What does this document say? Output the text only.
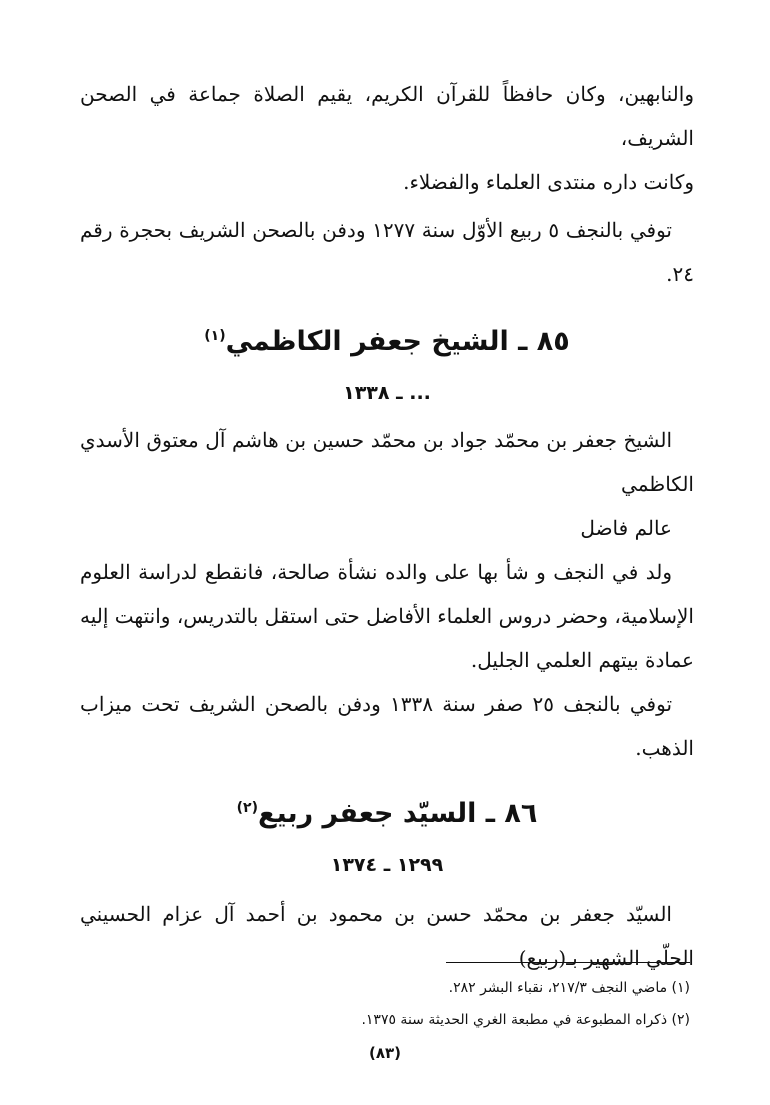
والنابهين، وكان حافظاً للقرآن الكريم، يقيم الصلاة جماعة في الصحن الشريف،

وكانت داره منتدى العلماء والفضلاء.

توفي بالنجف ٥ ربيع الأوّل سنة ١٢٧٧ ودفن بالصحن الشريف بحجرة رقم ٢٤.

٨٥ ـ الشيخ جعفر الكاظمي$^{(١)}$
... ـ ١٣٣٨

الشيخ جعفر بن محمّد جواد بن محمّد حسين بن هاشم آل معتوق الأسدي الكاظمي

عالم فاضل

ولد في النجف و شأ بها على والده نشأة صالحة، فانقطع لدراسة العلوم الإسلامية، وحضر دروس العلماء الأفاضل حتى استقل بالتدريس، وانتهت إليه عمادة بيتهم العلمي الجليل.

توفي بالنجف ٢٥ صفر سنة ١٣٣٨ ودفن بالصحن الشريف تحت ميزاب الذهب.

٨٦ ـ السيّد جعفر ربيع$^{(٢)}$
١٢٩٩ ـ ١٣٧٤

السيّد جعفر بن محمّد حسن بن محمود بن أحمد آل عزام الحسيني الحلّي الشهير بـ(ربيع)

(١) ماضي النجف ٢١٧/٣، نقباء البشر ٢٨٢.

(٢) ذكراه المطبوعة في مطبعة الغري الحديثة سنة ١٣٧٥.

(٨٣)
